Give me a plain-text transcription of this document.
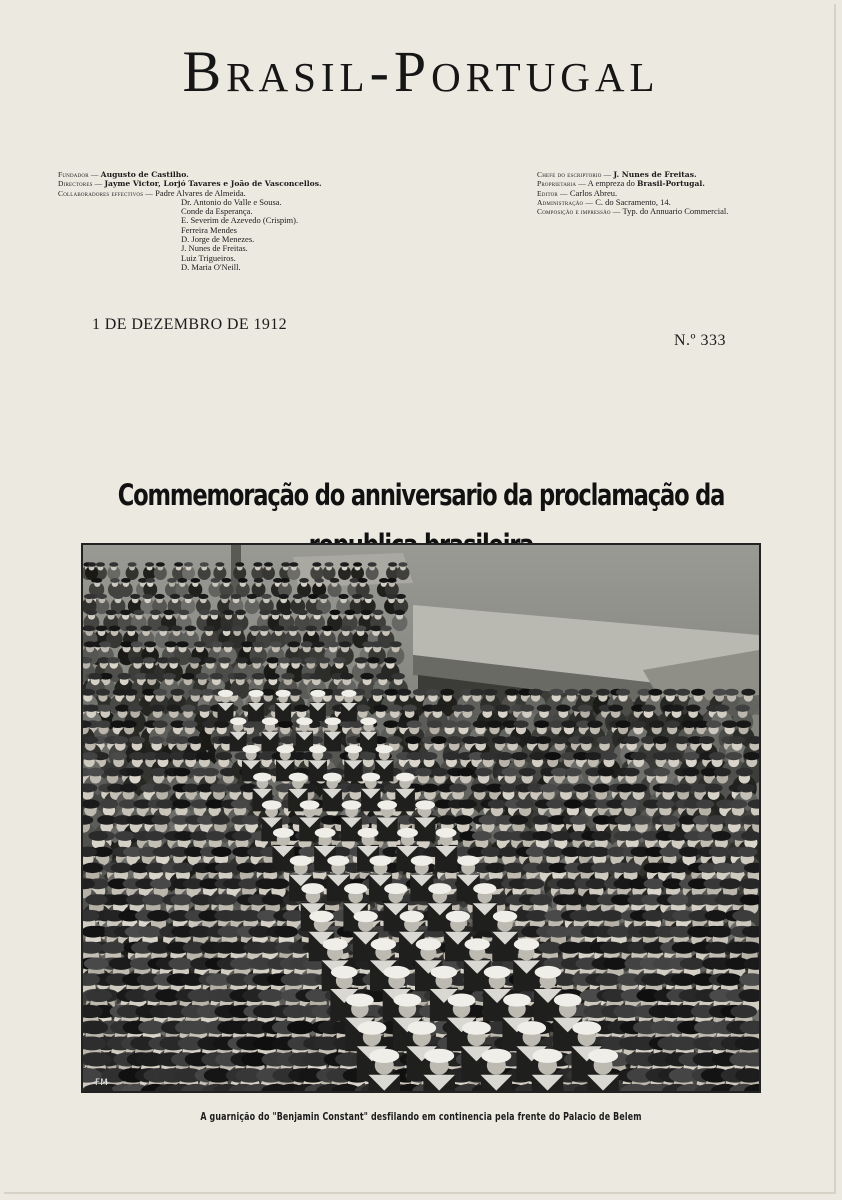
Brasil-Portugal
Fundador — Augusto de Castilho.
Directores — Jayme Victor, Lorjó Tavares e João de Vasconcellos.
Collaboradores effectivos — Padre Alvares de Almeida.
Dr. Antonio do Valle e Sousa.
Conde da Esperança.
E. Severim de Azevedo (Crispim).
Ferreira Mendes
D. Jorge de Menezes.
J. Nunes de Freitas.
Luiz Trigueiros.
D. Maria O'Neill.
Chefe do escriptorio — J. Nunes de Freitas.
Proprietaria — A empreza do Brasil-Portugal.
Editor — Carlos Abreu.
Administração — C. do Sacramento, 14.
Composição e impressão — Typ. do Annuario Commercial.
1 DE DEZEMBRO DE 1912
N.º 333
Commemoração do anniversario da proclamação da
FM
A guarnição do "Benjamin Constant" desfilando em continencia pela frente do Palacio de Belem
